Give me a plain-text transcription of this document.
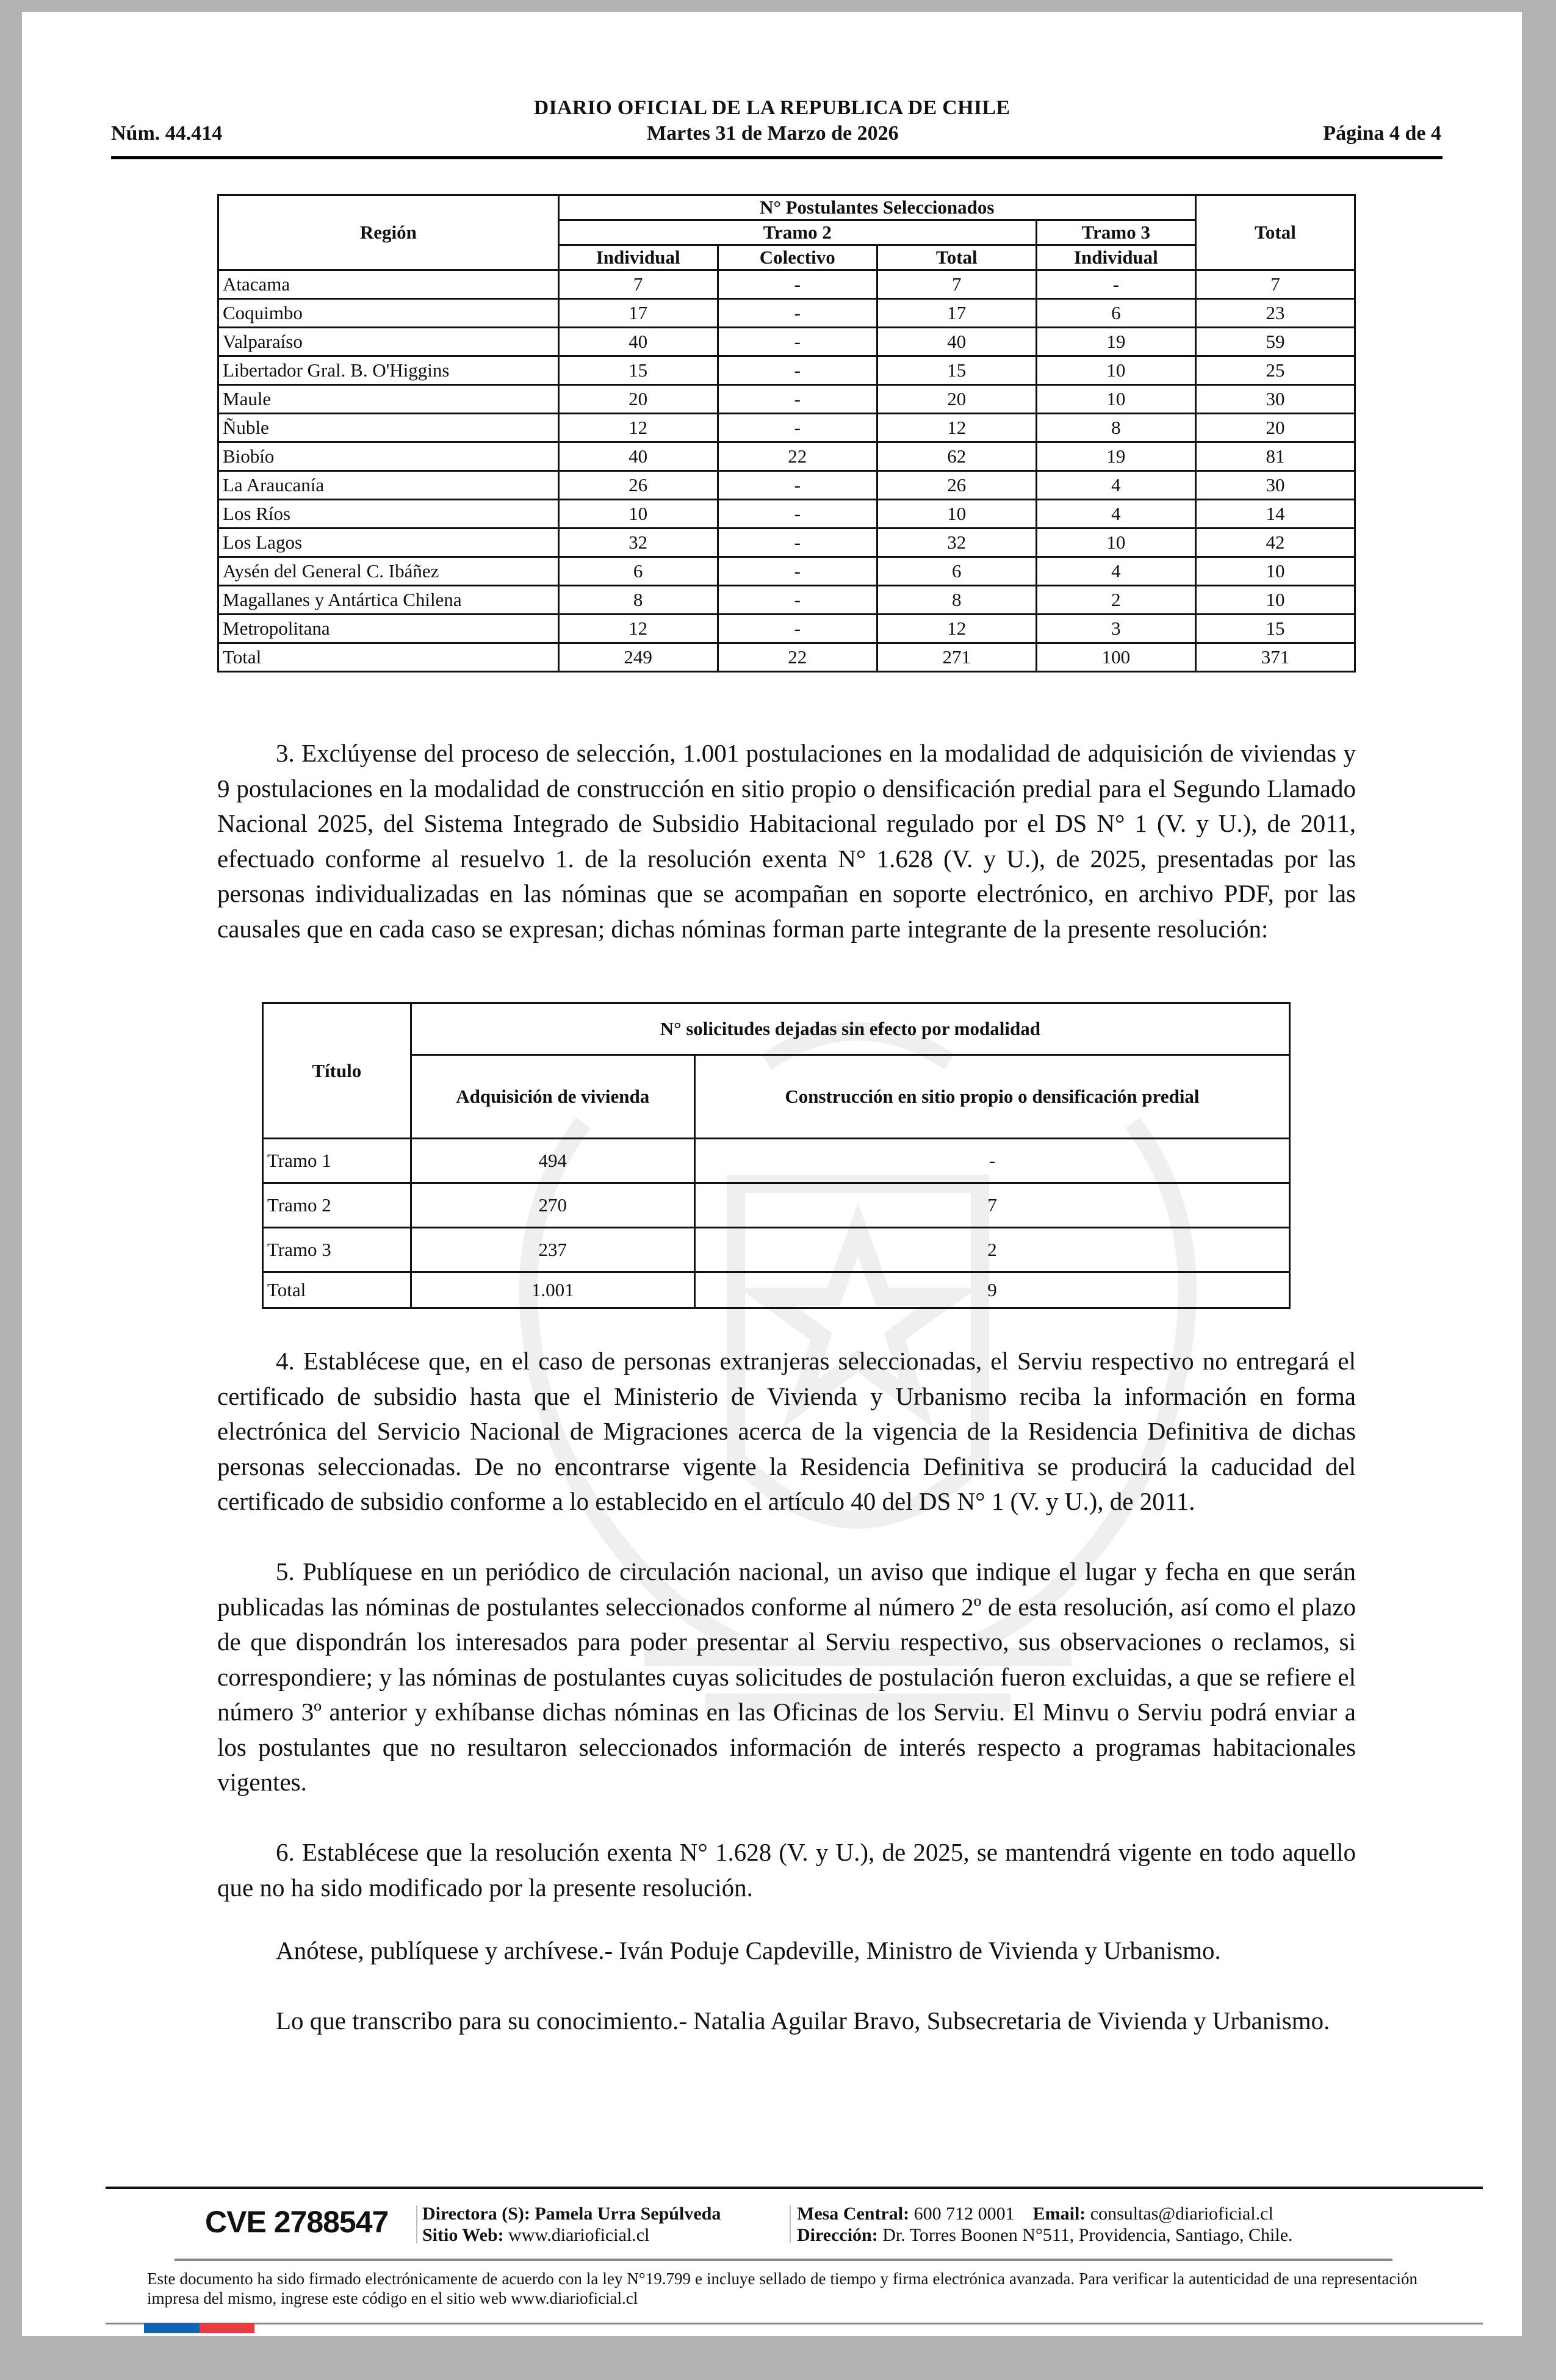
DIARIO OFICIAL DE LA REPUBLICA DE CHILE
Núm. 44.414	Martes 31 de Marzo de 2026	Página 4 de 4
Región	N° Postulantes Seleccionados				Total
	Tramo 2			Tramo 3	
	Individual	Colectivo	Total	Individual	
Atacama	7	-	7	-	7
Coquimbo	17	-	17	6	23
Valparaíso	40	-	40	19	59
Libertador Gral. B. O'Higgins	15	-	15	10	25
Maule	20	-	20	10	30
Ñuble	12	-	12	8	20
Biobío	40	22	62	19	81
La Araucanía	26	-	26	4	30
Los Ríos	10	-	10	4	14
Los Lagos	32	-	32	10	42
Aysén del General C. Ibáñez	6	-	6	4	10
Magallanes y Antártica Chilena	8	-	8	2	10
Metropolitana	12	-	12	3	15
Total	249	22	271	100	371

3. Exclúyense del proceso de selección, 1.001 postulaciones en la modalidad de adquisición de viviendas y 9 postulaciones en la modalidad de construcción en sitio propio o densificación predial para el Segundo Llamado Nacional 2025, del Sistema Integrado de Subsidio Habitacional regulado por el DS N° 1 (V. y U.), de 2011, efectuado conforme al resuelvo 1. de la resolución exenta N° 1.628 (V. y U.), de 2025, presentadas por las personas individualizadas en las nóminas que se acompañan en soporte electrónico, en archivo PDF, por las causales que en cada caso se expresan; dichas nóminas forman parte integrante de la presente resolución:

Título	N° solicitudes dejadas sin efecto por modalidad	
	Adquisición de vivienda	Construcción en sitio propio o densificación predial
Tramo 1	494	-
Tramo 2	270	7
Tramo 3	237	2
Total	1.001	9

4. Establécese que, en el caso de personas extranjeras seleccionadas, el Serviu respectivo no entregará el certificado de subsidio hasta que el Ministerio de Vivienda y Urbanismo reciba la información en forma electrónica del Servicio Nacional de Migraciones acerca de la vigencia de la Residencia Definitiva de dichas personas seleccionadas. De no encontrarse vigente la Residencia Definitiva se producirá la caducidad del certificado de subsidio conforme a lo establecido en el artículo 40 del DS N° 1 (V. y U.), de 2011.

5. Publíquese en un periódico de circulación nacional, un aviso que indique el lugar y fecha en que serán publicadas las nóminas de postulantes seleccionados conforme al número 2º de esta resolución, así como el plazo de que dispondrán los interesados para poder presentar al Serviu respectivo, sus observaciones o reclamos, si correspondiere; y las nóminas de postulantes cuyas solicitudes de postulación fueron excluidas, a que se refiere el número 3º anterior y exhíbanse dichas nóminas en las Oficinas de los Serviu. El Minvu o Serviu podrá enviar a los postulantes que no resultaron seleccionados información de interés respecto a programas habitacionales vigentes.

6. Establécese que la resolución exenta N° 1.628 (V. y U.), de 2025, se mantendrá vigente en todo aquello que no ha sido modificado por la presente resolución.

Anótese, publíquese y archívese.- Iván Poduje Capdeville, Ministro de Vivienda y Urbanismo.

Lo que transcribo para su conocimiento.- Natalia Aguilar Bravo, Subsecretaria de Vivienda y Urbanismo.

CVE 2788547 Directora (S): Pamela Urra Sepúlveda
Sitio Web: www.diarioficial.cl
Mesa Central: 600 712 0001 Email: consultas@diarioficial.cl
Dirección: Dr. Torres Boonen N°511, Providencia, Santiago, Chile.
Este documento ha sido firmado electrónicamente de acuerdo con la ley N°19.799 e incluye sellado de tiempo y firma electrónica avanzada. Para verificar la autenticidad de una representación impresa del mismo, ingrese este código en el sitio web www.diarioficial.cl
